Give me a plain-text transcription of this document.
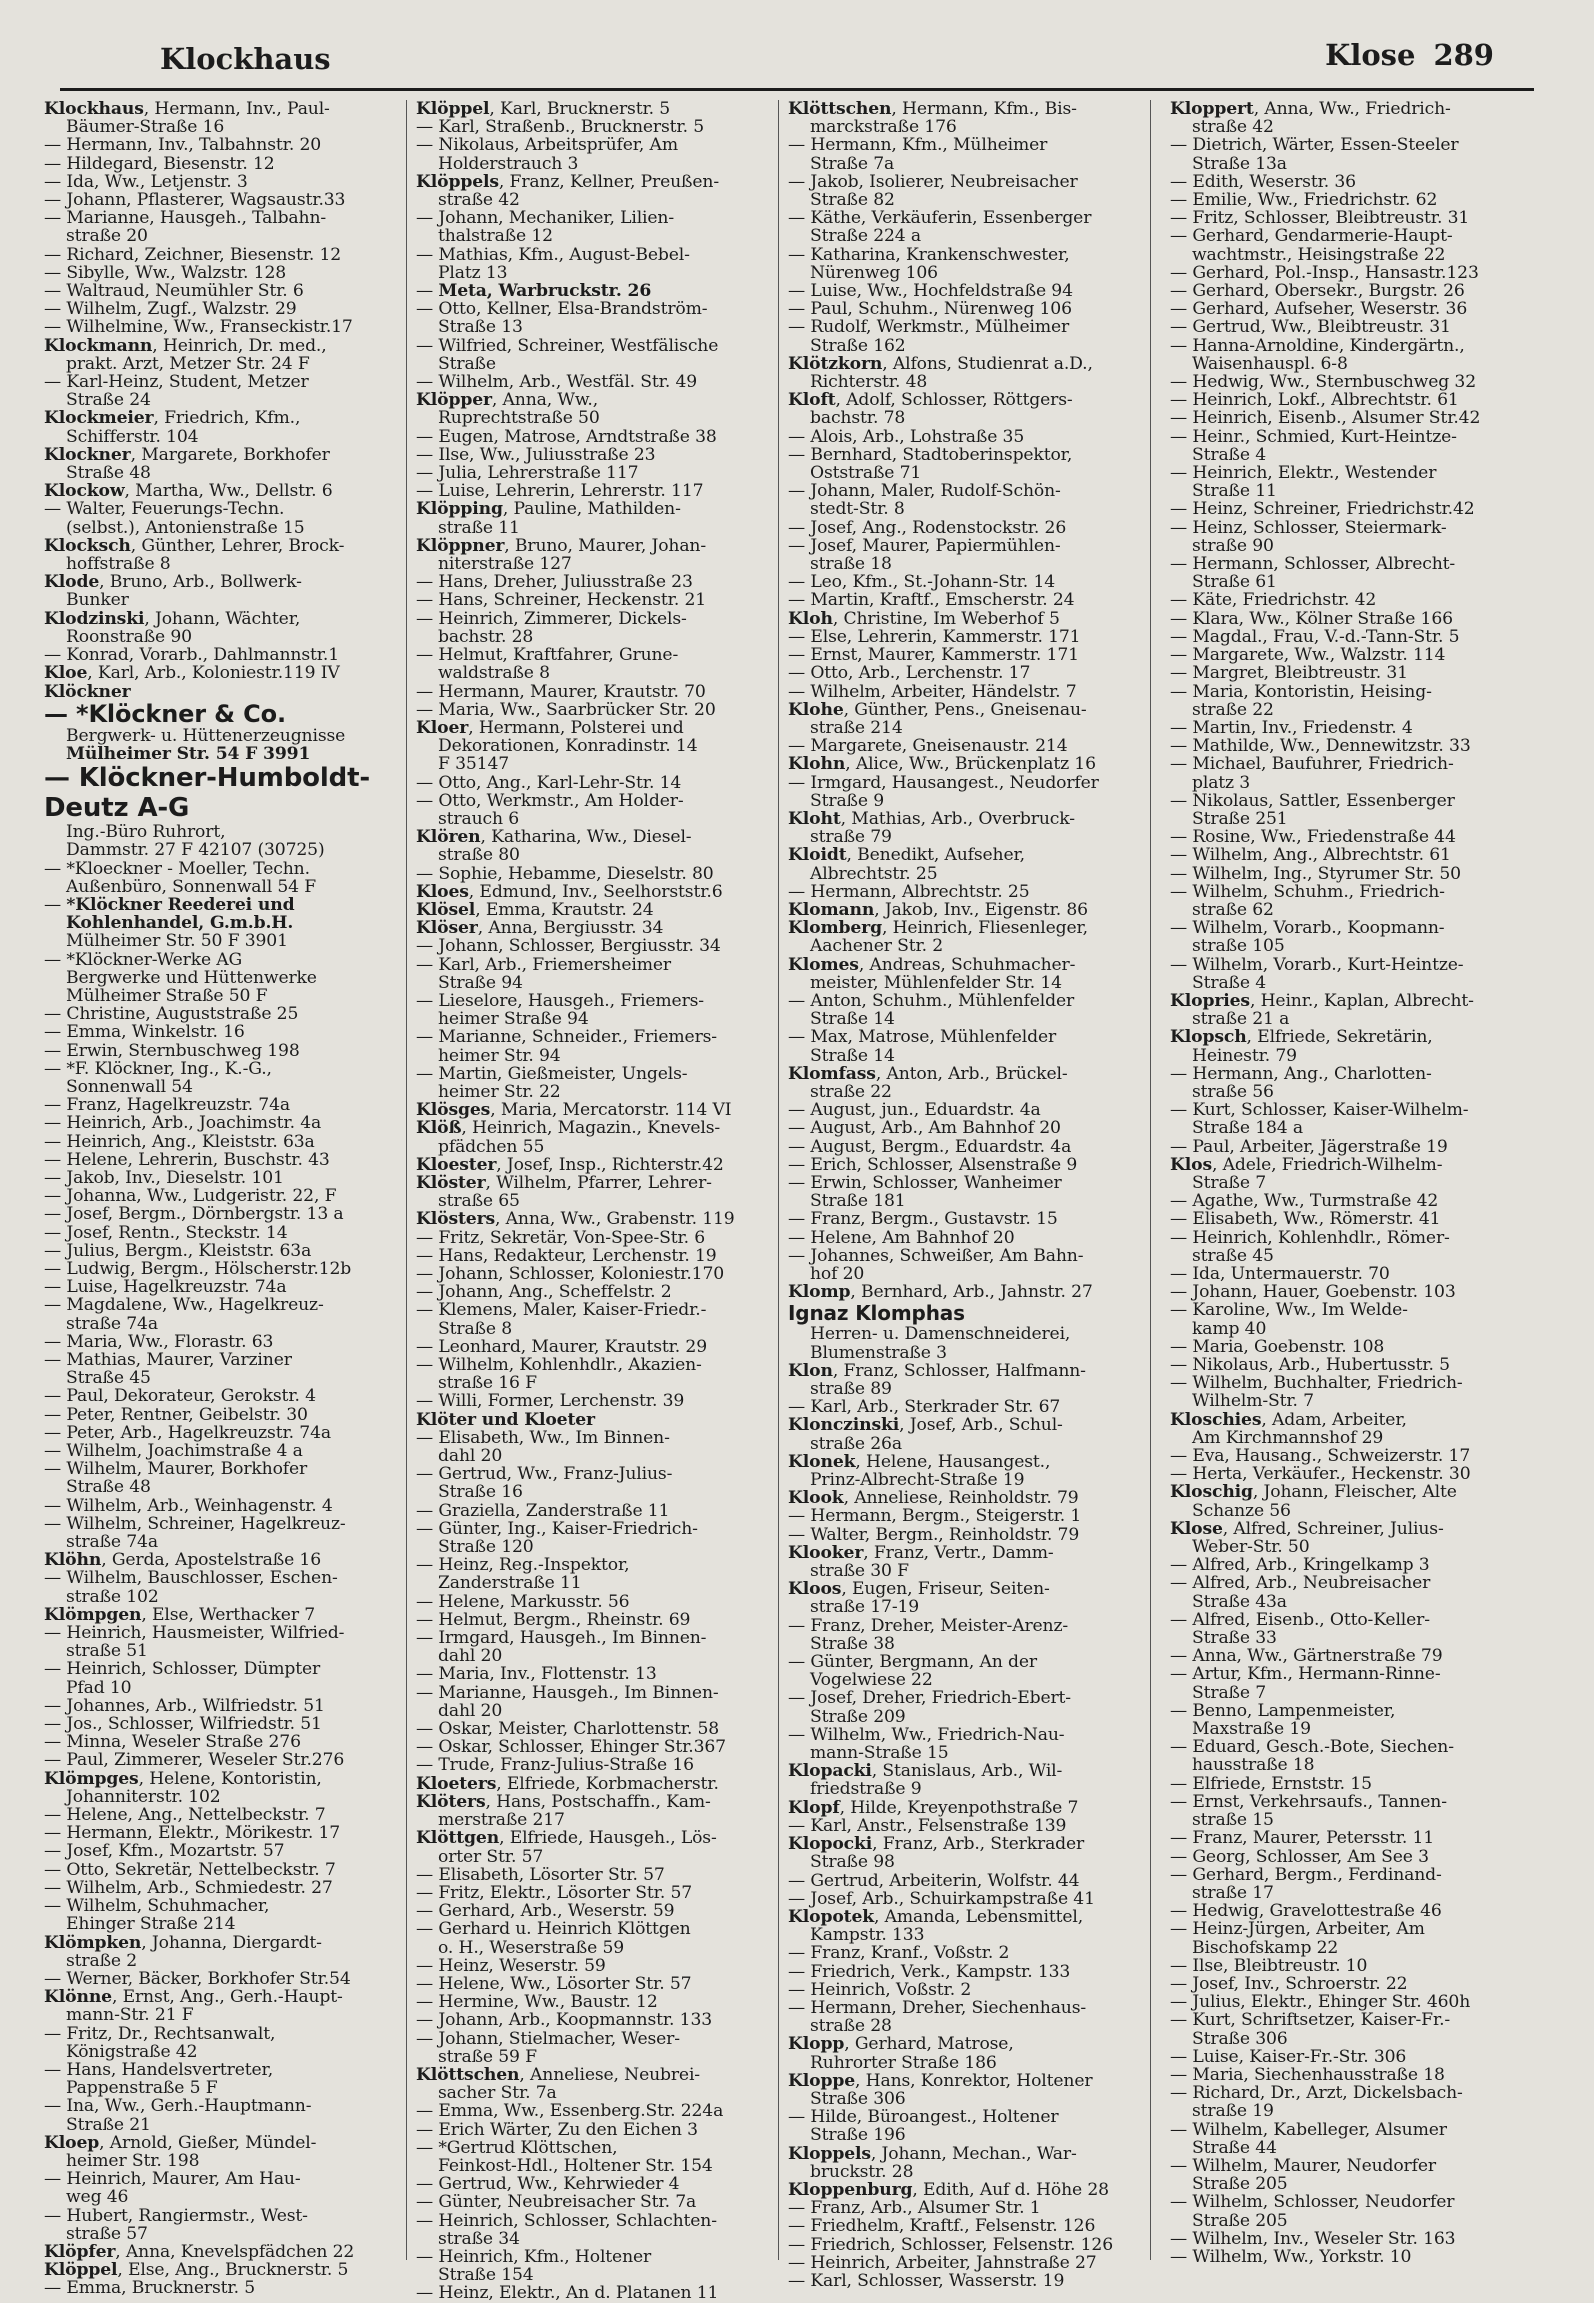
Klockhaus	Klose 289
Klockhaus, Hermann, Inv., Paul-
Bäumer-Straße 16
— Hermann, Inv., Talbahnstr. 20
— Hildegard, Biesenstr. 12
— Ida, Ww., Letjenstr. 3
— Johann, Pflasterer, Wagsaustr.33
— Marianne, Hausgeh., Talbahn-
straße 20
— Richard, Zeichner, Biesenstr. 12
— Sibylle, Ww., Walzstr. 128
— Waltraud, Neumühler Str. 6
— Wilhelm, Zugf., Walzstr. 29
— Wilhelmine, Ww., Franseckistr.17
Klockmann, Heinrich, Dr. med.,
prakt. Arzt, Metzer Str. 24 F
— Karl-Heinz, Student, Metzer
Straße 24
Klockmeier, Friedrich, Kfm.,
Schifferstr. 104
Klockner, Margarete, Borkhofer
Straße 48
Klockow, Martha, Ww., Dellstr. 6
— Walter, Feuerungs-Techn.
(selbst.), Antonienstraße 15
Klocksch, Günther, Lehrer, Brock-
hoffstraße 8
Klode, Bruno, Arb., Bollwerk-
Bunker
Klodzinski, Johann, Wächter,
Roonstraße 90
— Konrad, Vorarb., Dahlmannstr.1
Kloe, Karl, Arb., Koloniestr.119 IV
Klöckner
— *Klöckner & Co.
Bergwerk- u. Hüttenerzeugnisse
Mülheimer Str. 54 F 3991
— Klöckner-Humboldt-
Deutz A-G
Ing.-Büro Ruhrort,
Dammstr. 27 F 42107 (30725)
— *Kloeckner - Moeller, Techn.
Außenbüro, Sonnenwall 54 F
— *Klöckner Reederei und
Kohlenhandel, G.m.b.H.
Mülheimer Str. 50 F 3901
— *Klöckner-Werke AG
Bergwerke und Hüttenwerke
Mülheimer Straße 50 F
— Christine, Auguststraße 25
— Emma, Winkelstr. 16
— Erwin, Sternbuschweg 198
— *F. Klöckner, Ing., K.-G.,
Sonnenwall 54
— Franz, Hagelkreuzstr. 74a
— Heinrich, Arb., Joachimstr. 4a
— Heinrich, Ang., Kleiststr. 63a
— Helene, Lehrerin, Buschstr. 43
— Jakob, Inv., Dieselstr. 101
— Johanna, Ww., Ludgeristr. 22, F
— Josef, Bergm., Dörnbergstr. 13 a
— Josef, Rentn., Steckstr. 14
— Julius, Bergm., Kleiststr. 63a
— Ludwig, Bergm., Hölscherstr.12b
— Luise, Hagelkreuzstr. 74a
— Magdalene, Ww., Hagelkreuz-
straße 74a
— Maria, Ww., Florastr. 63
— Mathias, Maurer, Varziner
Straße 45
— Paul, Dekorateur, Gerokstr. 4
— Peter, Rentner, Geibelstr. 30
— Peter, Arb., Hagelkreuzstr. 74a
— Wilhelm, Joachimstraße 4 a
— Wilhelm, Maurer, Borkhofer
Straße 48
— Wilhelm, Arb., Weinhagenstr. 4
— Wilhelm, Schreiner, Hagelkreuz-
straße 74a
Klöhn, Gerda, Apostelstraße 16
— Wilhelm, Bauschlosser, Eschen-
straße 102
Klömpgen, Else, Werthacker 7
— Heinrich, Hausmeister, Wilfried-
straße 51
— Heinrich, Schlosser, Dümpter
Pfad 10
— Johannes, Arb., Wilfriedstr. 51
— Jos., Schlosser, Wilfriedstr. 51
— Minna, Weseler Straße 276
— Paul, Zimmerer, Weseler Str.276
Klömpges, Helene, Kontoristin,
Johanniterstr. 102
— Helene, Ang., Nettelbeckstr. 7
— Hermann, Elektr., Mörikestr. 17
— Josef, Kfm., Mozartstr. 57
— Otto, Sekretär, Nettelbeckstr. 7
— Wilhelm, Arb., Schmiedestr. 27
— Wilhelm, Schuhmacher,
Ehinger Straße 214
Klömpken, Johanna, Diergardt-
straße 2
— Werner, Bäcker, Borkhofer Str.54
Klönne, Ernst, Ang., Gerh.-Haupt-
mann-Str. 21 F
— Fritz, Dr., Rechtsanwalt,
Königstraße 42
— Hans, Handelsvertreter,
Pappenstraße 5 F
— Ina, Ww., Gerh.-Hauptmann-
Straße 21
Kloep, Arnold, Gießer, Mündel-
heimer Str. 198
— Heinrich, Maurer, Am Hau-
weg 46
— Hubert, Rangiermstr., West-
straße 57
Klöpfer, Anna, Knevelspfädchen 22
Klöppel, Else, Ang., Brucknerstr. 5
— Emma, Brucknerstr. 5
Klöppel, Karl, Brucknerstr. 5
— Karl, Straßenb., Brucknerstr. 5
— Nikolaus, Arbeitsprüfer, Am
Holderstrauch 3
Klöppels, Franz, Kellner, Preußen-
straße 42
— Johann, Mechaniker, Lilien-
thalstraße 12
— Mathias, Kfm., August-Bebel-
Platz 13
— Meta, Warbruckstr. 26
— Otto, Kellner, Elsa-Brandström-
Straße 13
— Wilfried, Schreiner, Westfälische
Straße
— Wilhelm, Arb., Westfäl. Str. 49
Klöpper, Anna, Ww.,
Ruprechtstraße 50
— Eugen, Matrose, Arndtstraße 38
— Ilse, Ww., Juliusstraße 23
— Julia, Lehrerstraße 117
— Luise, Lehrerin, Lehrerstr. 117
Klöpping, Pauline, Mathilden-
straße 11
Klöppner, Bruno, Maurer, Johan-
niterstraße 127
— Hans, Dreher, Juliusstraße 23
— Hans, Schreiner, Heckenstr. 21
— Heinrich, Zimmerer, Dickels-
bachstr. 28
— Helmut, Kraftfahrer, Grune-
waldstraße 8
— Hermann, Maurer, Krautstr. 70
— Maria, Ww., Saarbrücker Str. 20
Kloer, Hermann, Polsterei und
Dekorationen, Konradinstr. 14
F 35147
— Otto, Ang., Karl-Lehr-Str. 14
— Otto, Werkmstr., Am Holder-
strauch 6
Klören, Katharina, Ww., Diesel-
straße 80
— Sophie, Hebamme, Dieselstr. 80
Kloes, Edmund, Inv., Seelhorststr.6
Klösel, Emma, Krautstr. 24
Klöser, Anna, Bergiusstr. 34
— Johann, Schlosser, Bergiusstr. 34
— Karl, Arb., Friemersheimer
Straße 94
— Lieselore, Hausgeh., Friemers-
heimer Straße 94
— Marianne, Schneider., Friemers-
heimer Str. 94
— Martin, Gießmeister, Ungels-
heimer Str. 22
Klösges, Maria, Mercatorstr. 114 VI
Klöß, Heinrich, Magazin., Knevels-
pfädchen 55
Kloester, Josef, Insp., Richterstr.42
Klöster, Wilhelm, Pfarrer, Lehrer-
straße 65
Klösters, Anna, Ww., Grabenstr. 119
— Fritz, Sekretär, Von-Spee-Str. 6
— Hans, Redakteur, Lerchenstr. 19
— Johann, Schlosser, Koloniestr.170
— Johann, Ang., Scheffelstr. 2
— Klemens, Maler, Kaiser-Friedr.-
Straße 8
— Leonhard, Maurer, Krautstr. 29
— Wilhelm, Kohlenhdlr., Akazien-
straße 16 F
— Willi, Former, Lerchenstr. 39
Klöter und Kloeter
— Elisabeth, Ww., Im Binnen-
dahl 20
— Gertrud, Ww., Franz-Julius-
Straße 16
— Graziella, Zanderstraße 11
— Günter, Ing., Kaiser-Friedrich-
Straße 120
— Heinz, Reg.-Inspektor,
Zanderstraße 11
— Helene, Markusstr. 56
— Helmut, Bergm., Rheinstr. 69
— Irmgard, Hausgeh., Im Binnen-
dahl 20
— Maria, Inv., Flottenstr. 13
— Marianne, Hausgeh., Im Binnen-
dahl 20
— Oskar, Meister, Charlottenstr. 58
— Oskar, Schlosser, Ehinger Str.367
— Trude, Franz-Julius-Straße 16
Kloeters, Elfriede, Korbmacherstr.
Klöters, Hans, Postschaffn., Kam-
merstraße 217
Klöttgen, Elfriede, Hausgeh., Lös-
orter Str. 57
— Elisabeth, Lösorter Str. 57
— Fritz, Elektr., Lösorter Str. 57
— Gerhard, Arb., Weserstr. 59
— Gerhard u. Heinrich Klöttgen
o. H., Weserstraße 59
— Heinz, Weserstr. 59
— Helene, Ww., Lösorter Str. 57
— Hermine, Ww., Baustr. 12
— Johann, Arb., Koopmannstr. 133
— Johann, Stielmacher, Weser-
straße 59 F
Klöttschen, Anneliese, Neubrei-
sacher Str. 7a
— Emma, Ww., Essenberg.Str. 224a
— Erich Wärter, Zu den Eichen 3
— *Gertrud Klöttschen,
Feinkost-Hdl., Holtener Str. 154
— Gertrud, Ww., Kehrwieder 4
— Günter, Neubreisacher Str. 7a
— Heinrich, Schlosser, Schlachten-
straße 34
— Heinrich, Kfm., Holtener
Straße 154
— Heinz, Elektr., An d. Platanen 11
Klöttschen, Hermann, Kfm., Bis-
marckstraße 176
— Hermann, Kfm., Mülheimer
Straße 7a
— Jakob, Isolierer, Neubreisacher
Straße 82
— Käthe, Verkäuferin, Essenberger
Straße 224 a
— Katharina, Krankenschwester,
Nürenweg 106
— Luise, Ww., Hochfeldstraße 94
— Paul, Schuhm., Nürenweg 106
— Rudolf, Werkmstr., Mülheimer
Straße 162
Klötzkorn, Alfons, Studienrat a.D.,
Richterstr. 48
Kloft, Adolf, Schlosser, Röttgers-
bachstr. 78
— Alois, Arb., Lohstraße 35
— Bernhard, Stadtoberinspektor,
Oststraße 71
— Johann, Maler, Rudolf-Schön-
stedt-Str. 8
— Josef, Ang., Rodenstockstr. 26
— Josef, Maurer, Papiermühlen-
straße 18
— Leo, Kfm., St.-Johann-Str. 14
— Martin, Kraftf., Emscherstr. 24
Kloh, Christine, Im Weberhof 5
— Else, Lehrerin, Kammerstr. 171
— Ernst, Maurer, Kammerstr. 171
— Otto, Arb., Lerchenstr. 17
— Wilhelm, Arbeiter, Händelstr. 7
Klohe, Günther, Pens., Gneisenau-
straße 214
— Margarete, Gneisenaustr. 214
Klohn, Alice, Ww., Brückenplatz 16
— Irmgard, Hausangest., Neudorfer
Straße 9
Kloht, Mathias, Arb., Overbruck-
straße 79
Kloidt, Benedikt, Aufseher,
Albrechtstr. 25
— Hermann, Albrechtstr. 25
Klomann, Jakob, Inv., Eigenstr. 86
Klomberg, Heinrich, Fliesenleger,
Aachener Str. 2
Klomes, Andreas, Schuhmacher-
meister, Mühlenfelder Str. 14
— Anton, Schuhm., Mühlenfelder
Straße 14
— Max, Matrose, Mühlenfelder
Straße 14
Klomfass, Anton, Arb., Brückel-
straße 22
— August, jun., Eduardstr. 4a
— August, Arb., Am Bahnhof 20
— August, Bergm., Eduardstr. 4a
— Erich, Schlosser, Alsenstraße 9
— Erwin, Schlosser, Wanheimer
Straße 181
— Franz, Bergm., Gustavstr. 15
— Helene, Am Bahnhof 20
— Johannes, Schweißer, Am Bahn-
hof 20
Klomp, Bernhard, Arb., Jahnstr. 27
Ignaz Klomphas
Herren- u. Damenschneiderei,
Blumenstraße 3
Klon, Franz, Schlosser, Halfmann-
straße 89
— Karl, Arb., Sterkrader Str. 67
Klonczinski, Josef, Arb., Schul-
straße 26a
Klonek, Helene, Hausangest.,
Prinz-Albrecht-Straße 19
Klook, Anneliese, Reinholdstr. 79
— Hermann, Bergm., Steigerstr. 1
— Walter, Bergm., Reinholdstr. 79
Klooker, Franz, Vertr., Damm-
straße 30 F
Kloos, Eugen, Friseur, Seiten-
straße 17-19
— Franz, Dreher, Meister-Arenz-
Straße 38
— Günter, Bergmann, An der
Vogelwiese 22
— Josef, Dreher, Friedrich-Ebert-
Straße 209
— Wilhelm, Ww., Friedrich-Nau-
mann-Straße 15
Klopacki, Stanislaus, Arb., Wil-
friedstraße 9
Klopf, Hilde, Kreyenpothstraße 7
— Karl, Anstr., Felsenstraße 139
Klopocki, Franz, Arb., Sterkrader
Straße 98
— Gertrud, Arbeiterin, Wolfstr. 44
— Josef, Arb., Schuirkampstraße 41
Klopotek, Amanda, Lebensmittel,
Kampstr. 133
— Franz, Kranf., Voßstr. 2
— Friedrich, Verk., Kampstr. 133
— Heinrich, Voßstr. 2
— Hermann, Dreher, Siechenhaus-
straße 28
Klopp, Gerhard, Matrose,
Ruhrorter Straße 186
Kloppe, Hans, Konrektor, Holtener
Straße 306
— Hilde, Büroangest., Holtener
Straße 196
Kloppels, Johann, Mechan., War-
bruckstr. 28
Kloppenburg, Edith, Auf d. Höhe 28
— Franz, Arb., Alsumer Str. 1
— Friedhelm, Kraftf., Felsenstr. 126
— Friedrich, Schlosser, Felsenstr. 126
— Heinrich, Arbeiter, Jahnstraße 27
— Karl, Schlosser, Wasserstr. 19
Kloppert, Anna, Ww., Friedrich-
straße 42
— Dietrich, Wärter, Essen-Steeler
Straße 13a
— Edith, Weserstr. 36
— Emilie, Ww., Friedrichstr. 62
— Fritz, Schlosser, Bleibtreustr. 31
— Gerhard, Gendarmerie-Haupt-
wachtmstr., Heisingstraße 22
— Gerhard, Pol.-Insp., Hansastr.123
— Gerhard, Obersekr., Burgstr. 26
— Gerhard, Aufseher, Weserstr. 36
— Gertrud, Ww., Bleibtreustr. 31
— Hanna-Arnoldine, Kindergärtn.,
Waisenhauspl. 6-8
— Hedwig, Ww., Sternbuschweg 32
— Heinrich, Lokf., Albrechtstr. 61
— Heinrich, Eisenb., Alsumer Str.42
— Heinr., Schmied, Kurt-Heintze-
Straße 4
— Heinrich, Elektr., Westender
Straße 11
— Heinz, Schreiner, Friedrichstr.42
— Heinz, Schlosser, Steiermark-
straße 90
— Hermann, Schlosser, Albrecht-
Straße 61
— Käte, Friedrichstr. 42
— Klara, Ww., Kölner Straße 166
— Magdal., Frau, V.-d.-Tann-Str. 5
— Margarete, Ww., Walzstr. 114
— Margret, Bleibtreustr. 31
— Maria, Kontoristin, Heising-
straße 22
— Martin, Inv., Friedenstr. 4
— Mathilde, Ww., Dennewitzstr. 33
— Michael, Baufuhrer, Friedrich-
platz 3
— Nikolaus, Sattler, Essenberger
Straße 251
— Rosine, Ww., Friedenstraße 44
— Wilhelm, Ang., Albrechtstr. 61
— Wilhelm, Ing., Styrumer Str. 50
— Wilhelm, Schuhm., Friedrich-
straße 62
— Wilhelm, Vorarb., Koopmann-
straße 105
— Wilhelm, Vorarb., Kurt-Heintze-
Straße 4
Klopries, Heinr., Kaplan, Albrecht-
straße 21 a
Klopsch, Elfriede, Sekretärin,
Heinestr. 79
— Hermann, Ang., Charlotten-
straße 56
— Kurt, Schlosser, Kaiser-Wilhelm-
Straße 184 a
— Paul, Arbeiter, Jägerstraße 19
Klos, Adele, Friedrich-Wilhelm-
Straße 7
— Agathe, Ww., Turmstraße 42
— Elisabeth, Ww., Römerstr. 41
— Heinrich, Kohlenhdlr., Römer-
straße 45
— Ida, Untermauerstr. 70
— Johann, Hauer, Goebenstr. 103
— Karoline, Ww., Im Welde-
kamp 40
— Maria, Goebenstr. 108
— Nikolaus, Arb., Hubertusstr. 5
— Wilhelm, Buchhalter, Friedrich-
Wilhelm-Str. 7
Kloschies, Adam, Arbeiter,
Am Kirchmannshof 29
— Eva, Hausang., Schweizerstr. 17
— Herta, Verkäufer., Heckenstr. 30
Kloschig, Johann, Fleischer, Alte
Schanze 56
Klose, Alfred, Schreiner, Julius-
Weber-Str. 50
— Alfred, Arb., Kringelkamp 3
— Alfred, Arb., Neubreisacher
Straße 43a
— Alfred, Eisenb., Otto-Keller-
Straße 33
— Anna, Ww., Gärtnerstraße 79
— Artur, Kfm., Hermann-Rinne-
Straße 7
— Benno, Lampenmeister,
Maxstraße 19
— Eduard, Gesch.-Bote, Siechen-
hausstraße 18
— Elfriede, Ernststr. 15
— Ernst, Verkehrsaufs., Tannen-
straße 15
— Franz, Maurer, Petersstr. 11
— Georg, Schlosser, Am See 3
— Gerhard, Bergm., Ferdinand-
straße 17
— Hedwig, Gravelottestraße 46
— Heinz-Jürgen, Arbeiter, Am
Bischofskamp 22
— Ilse, Bleibtreustr. 10
— Josef, Inv., Schroerstr. 22
— Julius, Elektr., Ehinger Str. 460h
— Kurt, Schriftsetzer, Kaiser-Fr.-
Straße 306
— Luise, Kaiser-Fr.-Str. 306
— Maria, Siechenhausstraße 18
— Richard, Dr., Arzt, Dickelsbach-
straße 19
— Wilhelm, Kabelleger, Alsumer
Straße 44
— Wilhelm, Maurer, Neudorfer
Straße 205
— Wilhelm, Schlosser, Neudorfer
Straße 205
— Wilhelm, Inv., Weseler Str. 163
— Wilhelm, Ww., Yorkstr. 10
